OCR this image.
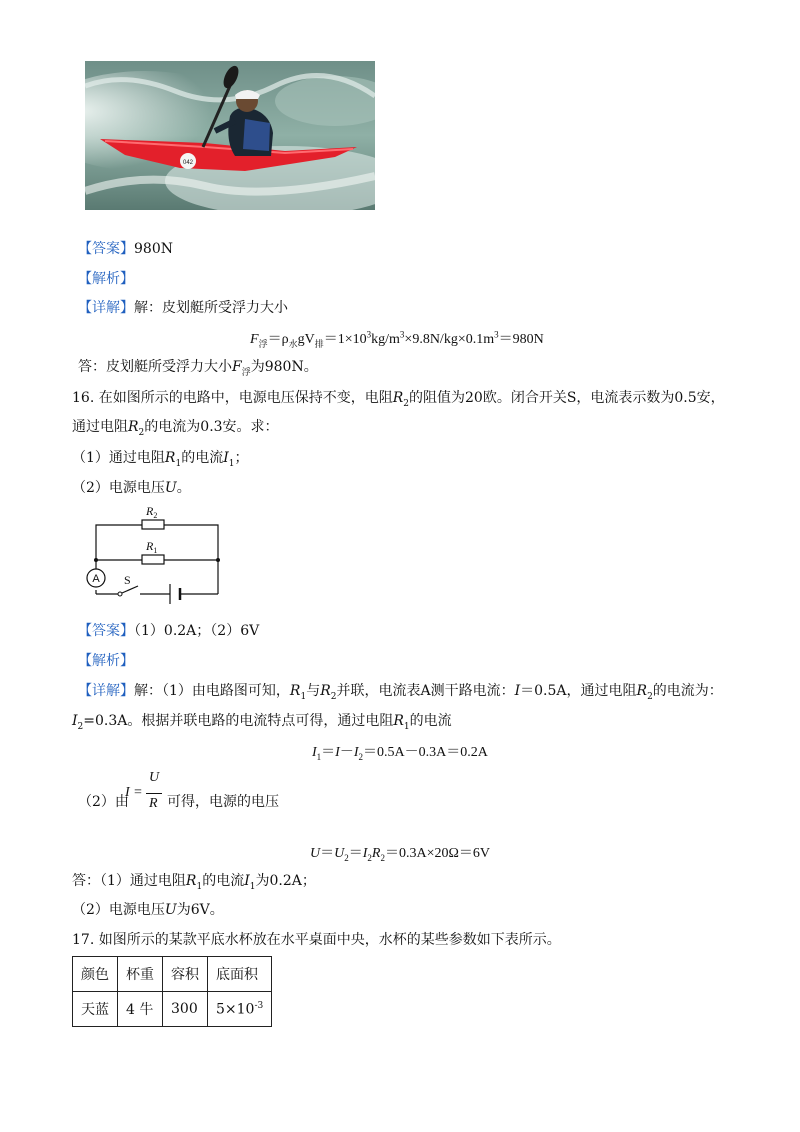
042
【答案】980N
【解析】
【详解】解：皮划艇所受浮力大小
$F_浮=\rho_水gV_排=1\times 10^3kg/m^3\times 9.8N/kg\times 0.1m^3=980N$
答：皮划艇所受浮力大小$F_浮$为980N。
16. 在如图所示的电路中，电源电压保持不变，电阻$R_2$的阻值为20欧。闭合开关S，电流表示数为0.5安，
通过电阻$R_2$的电流为0.3安。求：
（1）通过电阻$R_1$的电流$I_1$；
（2）电源电压U。
A S
$R_2$
$R_1$
【答案】（1）0.2A；（2）6V
【解析】
【详解】解：（1）由电路图可知，$R_1$与$R_2$并联，电流表A测干路电流：I＝0.5A，通过电阻$R_2$的电流为：
$I_2=0.3A$。根据并联电路的电流特点可得，通过电阻$R_1$的电流
$I_1=I-I_2=0.5A-0.3A=0.2A$
（2）由
I =
U
R 可得，电源的电压
$U=U_2=I_2R_2=0.3A\times 20\Omega=6V$
答：（1）通过电阻$R_1$的电流$I_1$为0.2A；
（2）电源电压U为6V。
17. 如图所示的某款平底水杯放在水平桌面中央，水杯的某些参数如下表所示。
颜色	杯重	容积	底面积
天蓝	4 牛	300	$5\times 10^{-3}$
